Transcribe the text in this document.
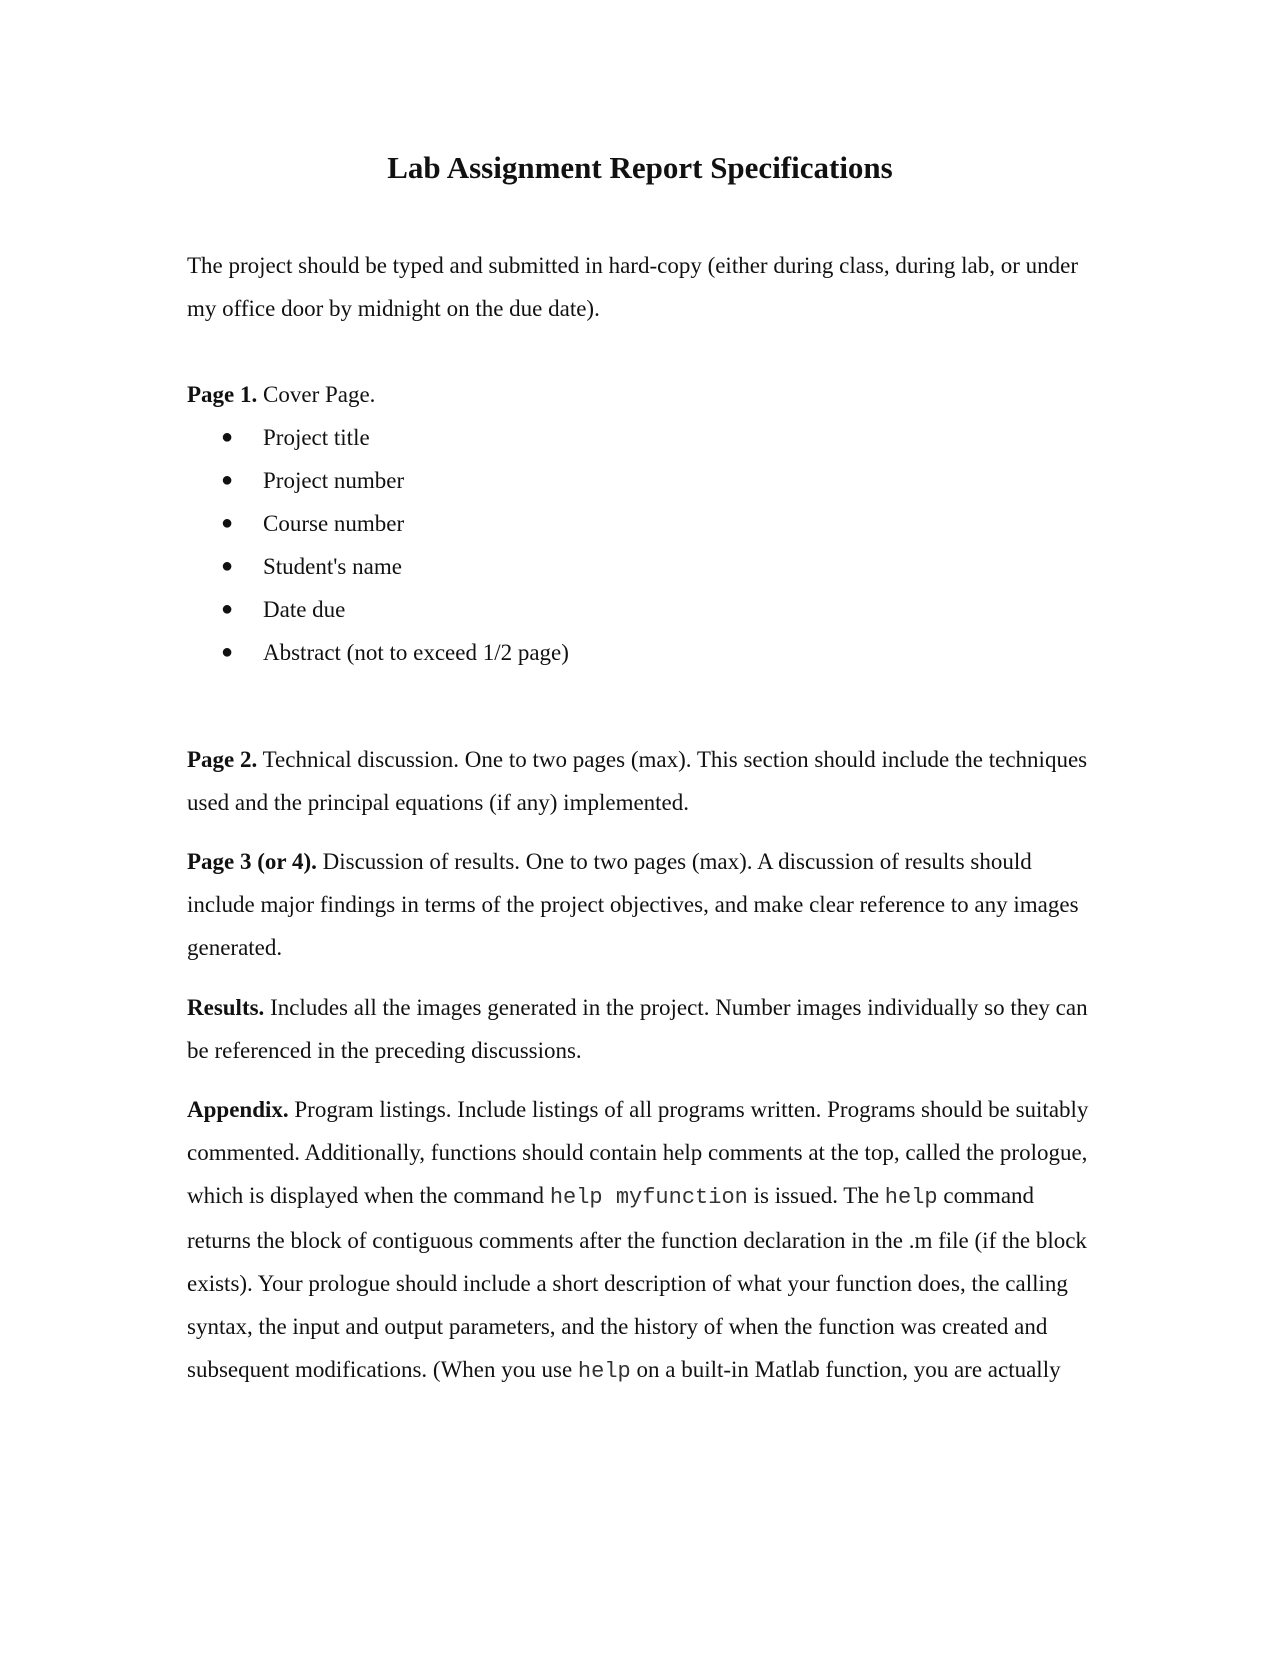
Lab Assignment Report Specifications

The project should be typed and submitted in hard-copy (either during class, during lab, or under my office door by midnight on the due date).

Page 1. Cover Page.

● Project title
● Project number
● Course number
● Student's name
● Date due
● Abstract (not to exceed 1/2 page)

Page 2. Technical discussion. One to two pages (max). This section should include the techniques used and the principal equations (if any) implemented.

Page 3 (or 4). Discussion of results. One to two pages (max). A discussion of results should include major findings in terms of the project objectives, and make clear reference to any images generated.

Results. Includes all the images generated in the project. Number images individually so they can be referenced in the preceding discussions.

Appendix. Program listings. Include listings of all programs written. Programs should be suitably commented. Additionally, functions should contain help comments at the top, called the prologue, which is displayed when the command help myfunction is issued. The help command returns the block of contiguous comments after the function declaration in the .m file (if the block exists). Your prologue should include a short description of what your function does, the calling syntax, the input and output parameters, and the history of when the function was created and subsequent modifications. (When you use help on a built-in Matlab function, you are actually
